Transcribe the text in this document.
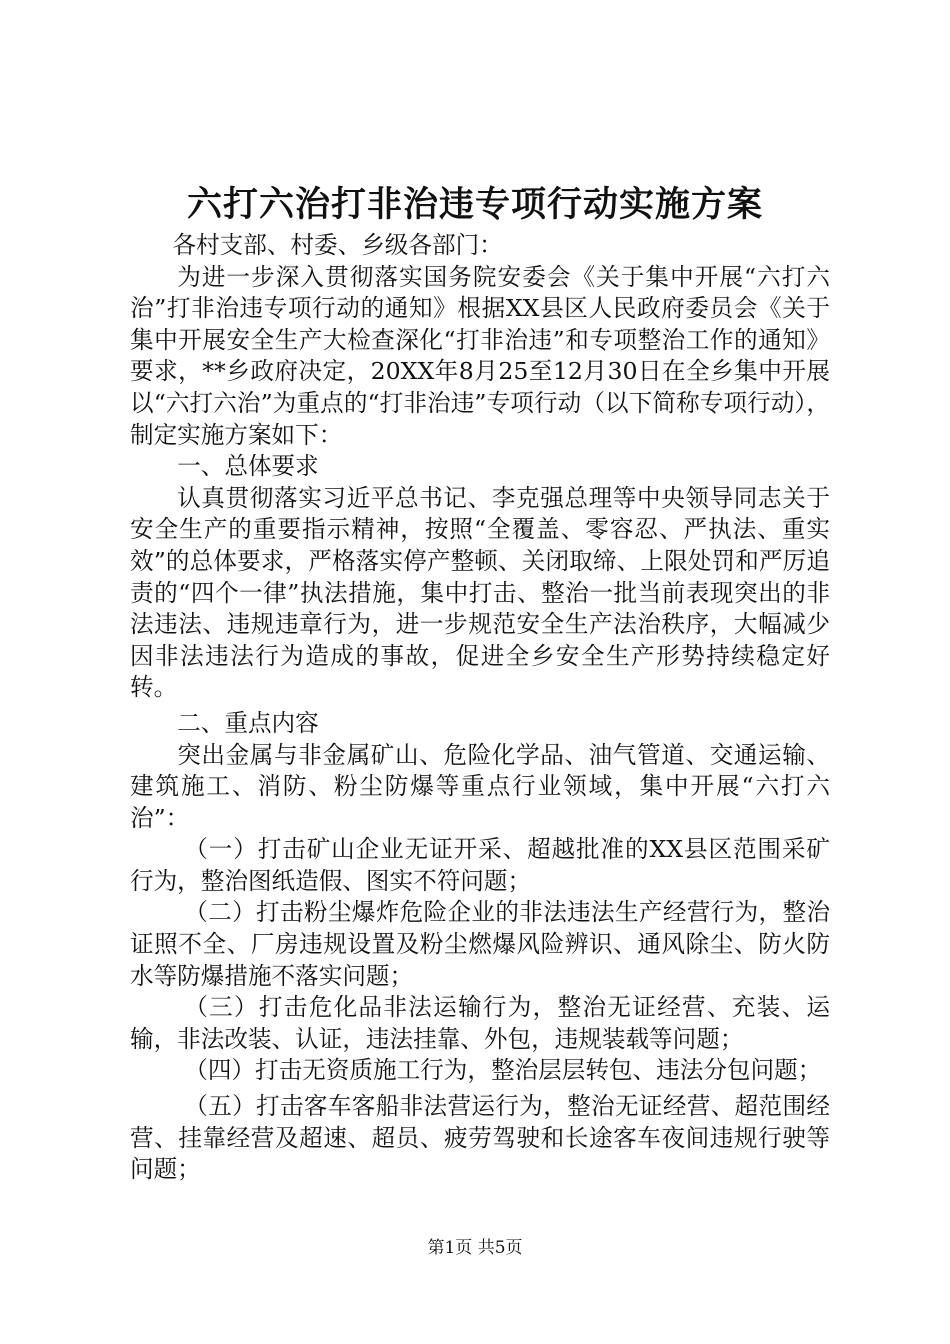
六打六治打非治违专项行动实施方案

各村支部、村委、乡级各部门：

为进一步深入贯彻落实国务院安委会《关于集中开展“六打六治”打非治违专项行动的通知》根据XX县区人民政府委员会《关于集中开展安全生产大检查深化“打非治违”和专项整治工作的通知》要求，**乡政府决定，20XX年8月25至12月30日在全乡集中开展以“六打六治”为重点的“打非治违”专项行动（以下简称专项行动），制定实施方案如下：

一、总体要求

认真贯彻落实习近平总书记、李克强总理等中央领导同志关于安全生产的重要指示精神，按照“全覆盖、零容忍、严执法、重实效”的总体要求，严格落实停产整顿、关闭取缔、上限处罚和严厉追责的“四个一律”执法措施，集中打击、整治一批当前表现突出的非法违法、违规违章行为，进一步规范安全生产法治秩序，大幅减少因非法违法行为造成的事故，促进全乡安全生产形势持续稳定好转。

二、重点内容

突出金属与非金属矿山、危险化学品、油气管道、交通运输、建筑施工、消防、粉尘防爆等重点行业领域，集中开展“六打六治”：

（一）打击矿山企业无证开采、超越批准的XX县区范围采矿行为，整治图纸造假、图实不符问题；

（二）打击粉尘爆炸危险企业的非法违法生产经营行为，整治证照不全、厂房违规设置及粉尘燃爆风险辨识、通风除尘、防火防水等防爆措施不落实问题；

（三）打击危化品非法运输行为，整治无证经营、充装、运输，非法改装、认证，违法挂靠、外包，违规装载等问题；

（四）打击无资质施工行为，整治层层转包、违法分包问题；

（五）打击客车客船非法营运行为，整治无证经营、超范围经营、挂靠经营及超速、超员、疲劳驾驶和长途客车夜间违规行驶等问题；

第1页 共5页
